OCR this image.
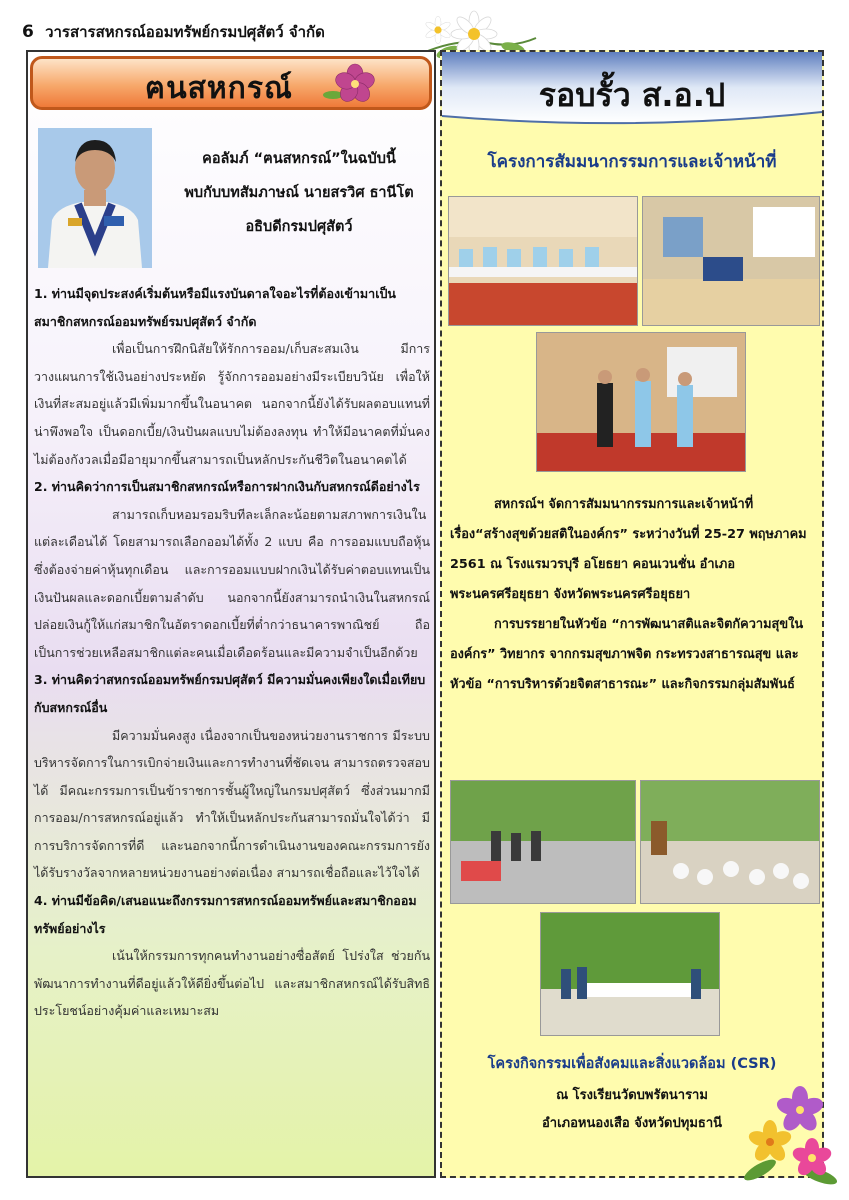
6 วารสารสหกรณ์ออมทรัพย์กรมปศุสัตว์ จำกัด
ฅนสหกรณ์
คอลัมภ์ “ฅนสหกรณ์”ในฉบับนี้
พบกับบทสัมภาษณ์ นายสรวิศ ธานีโต
อธิบดีกรมปศุสัตว์

1. ท่านมีจุดประสงค์เริ่มต้นหรือมีแรงบันดาลใจอะไรที่ต้องเข้ามาเป็นสมาชิกสหกรณ์ออมทรัพย์รมปศุสัตว์ จำกัด

เพื่อเป็นการฝึกนิสัยให้รักการออม/เก็บสะสมเงิน มีการวางแผนการใช้เงินอย่างประหยัด รู้จักการออมอย่างมีระเบียบวินัย เพื่อให้เงินที่สะสมอยู่แล้วมีเพิ่มมากขึ้นในอนาคต นอกจากนี้ยังได้รับผลตอบแทนที่น่าพึงพอใจ เป็นดอกเบี้ย/เงินปันผลแบบไม่ต้องลงทุน ทำให้มีอนาคตที่มั่นคง ไม่ต้องกังวลเมื่อมีอายุมากขึ้นสามารถเป็นหลักประกันชีวิตในอนาคตได้

2. ท่านคิดว่าการเป็นสมาชิกสหกรณ์หรือการฝากเงินกับสหกรณ์ดีอย่างไร

สามารถเก็บหอมรอมริบทีละเล็กละน้อยตามสภาพการเงินในแต่ละเดือนได้ โดยสามารถเลือกออมได้ทั้ง 2 แบบ คือ การออมแบบถือหุ้น ซึ่งต้องจ่ายค่าหุ้นทุกเดือน และการออมแบบฝากเงินได้รับค่าตอบแทนเป็นเงินปันผลและดอกเบี้ยตามลำดับ นอกจากนี้ยังสามารถนำเงินในสหกรณ์ปล่อยเงินกู้ให้แก่สมาชิกในอัตราดอกเบี้ยที่ต่ำกว่าธนาคารพาณิชย์ ถือเป็นการช่วยเหลือสมาชิกแต่ละคนเมื่อเดือดร้อนและมีความจำเป็นอีกด้วย

3. ท่านคิดว่าสหกรณ์ออมทรัพย์กรมปศุสัตว์ มีความมั่นคงเพียงใดเมื่อเทียบกับสหกรณ์อื่น

มีความมั่นคงสูง เนื่องจากเป็นของหน่วยงานราชการ มีระบบบริหารจัดการในการเบิกจ่ายเงินและการทำงานที่ชัดเจน สามารถตรวจสอบได้ มีคณะกรรมการเป็นข้าราชการชั้นผู้ใหญ่ในกรมปศุสัตว์ ซึ่งส่วนมากมีการออม/การสหกรณ์อยู่แล้ว ทำให้เป็นหลักประกันสามารถมั่นใจได้ว่า มีการบริการจัดการที่ดี และนอกจากนี้การดำเนินงานของคณะกรรมการยังได้รับรางวัลจากหลายหน่วยงานอย่างต่อเนื่อง สามารถเชื่อถือและไว้ใจได้

4. ท่านมีข้อคิด/เสนอแนะถึงกรรมการสหกรณ์ออมทรัพย์และสมาชิกออมทรัพย์อย่างไร

เน้นให้กรรมการทุกคนทำงานอย่างซื่อสัตย์ โปร่งใส ช่วยกันพัฒนาการทำงานที่ดีอยู่แล้วให้ดียิ่งขึ้นต่อไป และสมาชิกสหกรณ์ได้รับสิทธิประโยชน์อย่างคุ้มค่าและเหมาะสม

รอบรั้ว ส.อ.ป
โครงการสัมมนากรรมการและเจ้าหน้าที่

สหกรณ์ฯ จัดการสัมมนากรรมการและเจ้าหน้าที่ เรื่อง“สร้างสุขด้วยสติในองค์กร” ระหว่างวันที่ 25-27 พฤษภาคม 2561 ณ โรงแรมวรบุรี อโยธยา คอนเวนชั่น อำเภอพระนครศรีอยุธยา จังหวัดพระนครศรีอยุธยา

การบรรยายในหัวข้อ “การพัฒนาสติและจิตกัความสุขในองค์กร” วิทยากร จากกรมสุขภาพจิต กระทรวงสาธารณสุข และหัวข้อ “การบริหารด้วยจิตสาธารณะ” และกิจกรรมกลุ่มสัมพันธ์

โครงกิจกรรมเพื่อสังคมและสิ่งแวดล้อม (CSR)
ณ โรงเรียนวัดบพรัตนาราม
อำเภอหนองเสือ จังหวัดปทุมธานี
